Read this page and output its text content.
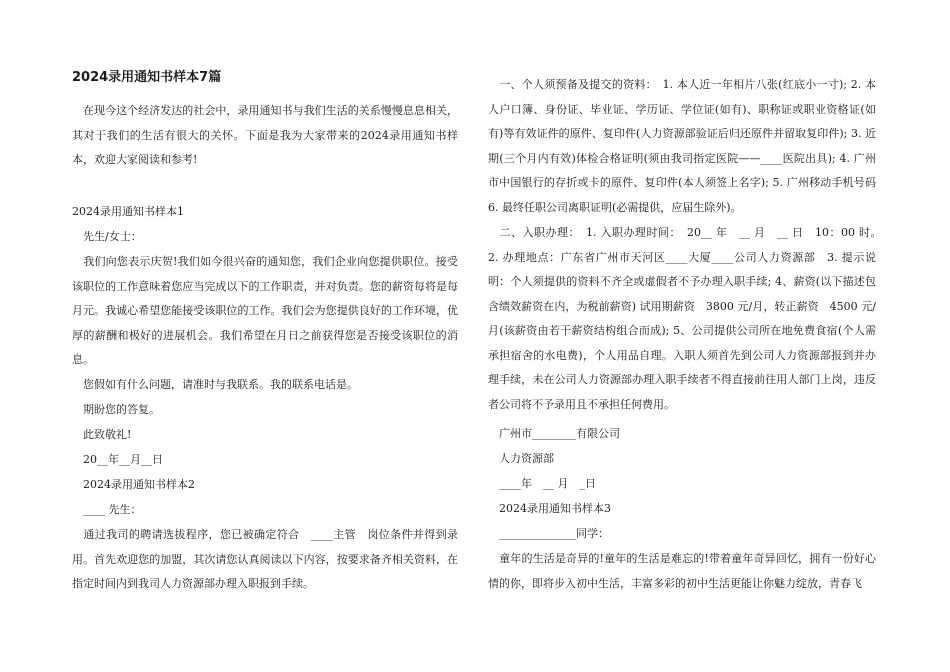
2024录用通知书样本7篇

　在现今这个经济发达的社会中，录用通知书与我们生活的关系慢慢息息相关，其对于我们的生活有很大的关怀。下面是我为大家带来的2024录用通知书样本，欢迎大家阅读和参考!

2024录用通知书样本1

　先生/女士：

　我们向您表示庆贺!我们如今很兴奋的通知您，我们企业向您提供职位。接受该职位的工作意味着您应当完成以下的工作职责，并对负责。您的薪资每将是每月元。我诚心希望您能接受该职位的工作。我们会为您提供良好的工作环境，优厚的薪酬和极好的进展机会。我们希望在月日之前获得您是否接受该职位的消息。

　您假如有什么问题，请准时与我联系。我的联系电话是。

　期盼您的答复。

　此致敬礼!

　20__年__月__日

　2024录用通知书样本2

　____ 先生：

　通过我司的聘请选拔程序，您已被确定符合　____主管　岗位条件并得到录用。首先欢迎您的加盟，其次请您认真阅读以下内容，按要求备齐相关资料，在指定时间内到我司人力资源部办理入职报到手续。

　一、个人须预备及提交的资料：　1. 本人近一年相片八张(红底小一寸); 2. 本人户口簿、身份证、毕业证、学历证、学位证(如有)、职称证或职业资格证(如有)等有效证件的原件、复印件(人力资源部验证后归还原件并留取复印件); 3. 近期(三个月内有效)体检合格证明(须由我司指定医院——____医院出具); 4. 广州市中国银行的存折或卡的原件、复印件(本人须签上名字); 5. 广州移动手机号码　6. 最终任职公司离职证明(必需提供，应届生除外)。

　二、入职办理：　1. 入职办理时间：　20__ 年　__ 月　__ 日　10：00 时。　2. 办理地点：广东省广州市天河区____大厦____公司人力资源部　3. 提示说明：个人须提供的资料不齐全或虚假者不予办理入职手续; 4、薪资(以下描述包含绩效薪资在内，为税前薪资) 试用期薪资　3800 元/月，转正薪资　4500 元/月(该薪资由若干薪资结构组合而成); 5、公司提供公司所在地免费食宿(个人需承担宿舍的水电费)，个人用品自理。入职人须首先到公司人力资源部报到并办理手续，未在公司人力资源部办理入职手续者不得直接前往用人部门上岗，违反者公司将不予录用且不承担任何费用。

　广州市________有限公司

　人力资源部

　____年　__ 月　_日

　2024录用通知书样本3

　______________同学：

　童年的生活是奇异的!童年的生活是难忘的!带着童年奇异回忆，拥有一份好心情的你，即将步入初中生活，丰富多彩的初中生活更能让你魅力绽放，青春飞
